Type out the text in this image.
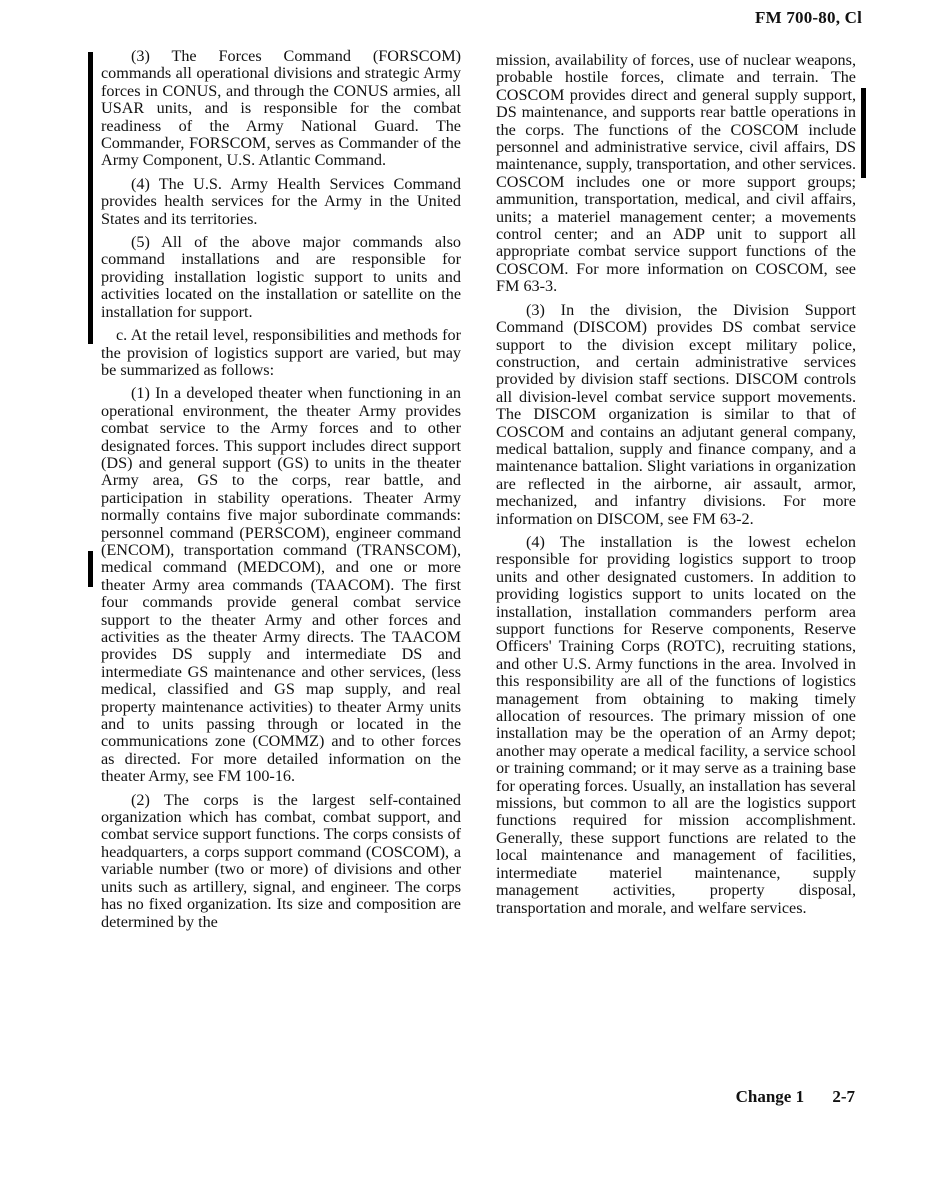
FM 700-80, Cl

(3) The Forces Command (FORSCOM) commands all operational divisions and strategic Army forces in CONUS, and through the CONUS armies, all USAR units, and is responsible for the combat readiness of the Army National Guard. The Commander, FORSCOM, serves as Commander of the Army Component, U.S. Atlantic Command.

(4) The U.S. Army Health Services Command provides health services for the Army in the United States and its territories.

(5) All of the above major commands also command installations and are responsible for providing installation logistic support to units and activities located on the installation or satellite on the installation for support.

c. At the retail level, responsibilities and methods for the provision of logistics support are varied, but may be summarized as follows:

(1) In a developed theater when functioning in an operational environment, the theater Army provides combat service to the Army forces and to other designated forces. This support includes direct support (DS) and general support (GS) to units in the theater Army area, GS to the corps, rear battle, and participation in stability operations. Theater Army normally contains five major subordinate commands: personnel command (PERSCOM), engineer command (ENCOM), transportation command (TRANSCOM), medical command (MEDCOM), and one or more theater Army area commands (TAACOM). The first four commands provide general combat service support to the theater Army and other forces and activities as the theater Army directs. The TAACOM provides DS supply and intermediate DS and intermediate GS maintenance and other services, (less medical, classified and GS map supply, and real property maintenance activities) to theater Army units and to units passing through or located in the communications zone (COMMZ) and to other forces as directed. For more detailed information on the theater Army, see FM 100-16.

(2) The corps is the largest self-contained organization which has combat, combat support, and combat service support functions. The corps consists of headquarters, a corps support command (COSCOM), a variable number (two or more) of divisions and other units such as artillery, signal, and engineer. The corps has no fixed organization. Its size and composition are determined by the

mission, availability of forces, use of nuclear weapons, probable hostile forces, climate and terrain. The COSCOM provides direct and general supply support, DS maintenance, and supports rear battle operations in the corps. The functions of the COSCOM include personnel and administrative service, civil affairs, DS maintenance, supply, transportation, and other services. COSCOM includes one or more support groups; ammunition, transportation, medical, and civil affairs, units; a materiel management center; a movements control center; and an ADP unit to support all appropriate combat service support functions of the COSCOM. For more information on COSCOM, see FM 63-3.

(3) In the division, the Division Support Command (DISCOM) provides DS combat service support to the division except military police, construction, and certain administrative services provided by division staff sections. DISCOM controls all division-level combat service support movements. The DISCOM organization is similar to that of COSCOM and contains an adjutant general company, medical battalion, supply and finance company, and a maintenance battalion. Slight variations in organization are reflected in the airborne, air assault, armor, mechanized, and infantry divisions. For more information on DISCOM, see FM 63-2.

(4) The installation is the lowest echelon responsible for providing logistics support to troop units and other designated customers. In addition to providing logistics support to units located on the installation, installation commanders perform area support functions for Reserve components, Reserve Officers' Training Corps (ROTC), recruiting stations, and other U.S. Army functions in the area. Involved in this responsibility are all of the functions of logistics management from obtaining to making timely allocation of resources. The primary mission of one installation may be the operation of an Army depot; another may operate a medical facility, a service school or training command; or it may serve as a training base for operating forces. Usually, an installation has several missions, but common to all are the logistics support functions required for mission accomplishment. Generally, these support functions are related to the local maintenance and management of facilities, intermediate materiel maintenance, supply management activities, property disposal, transportation and morale, and welfare services.

Change 1 2-7
